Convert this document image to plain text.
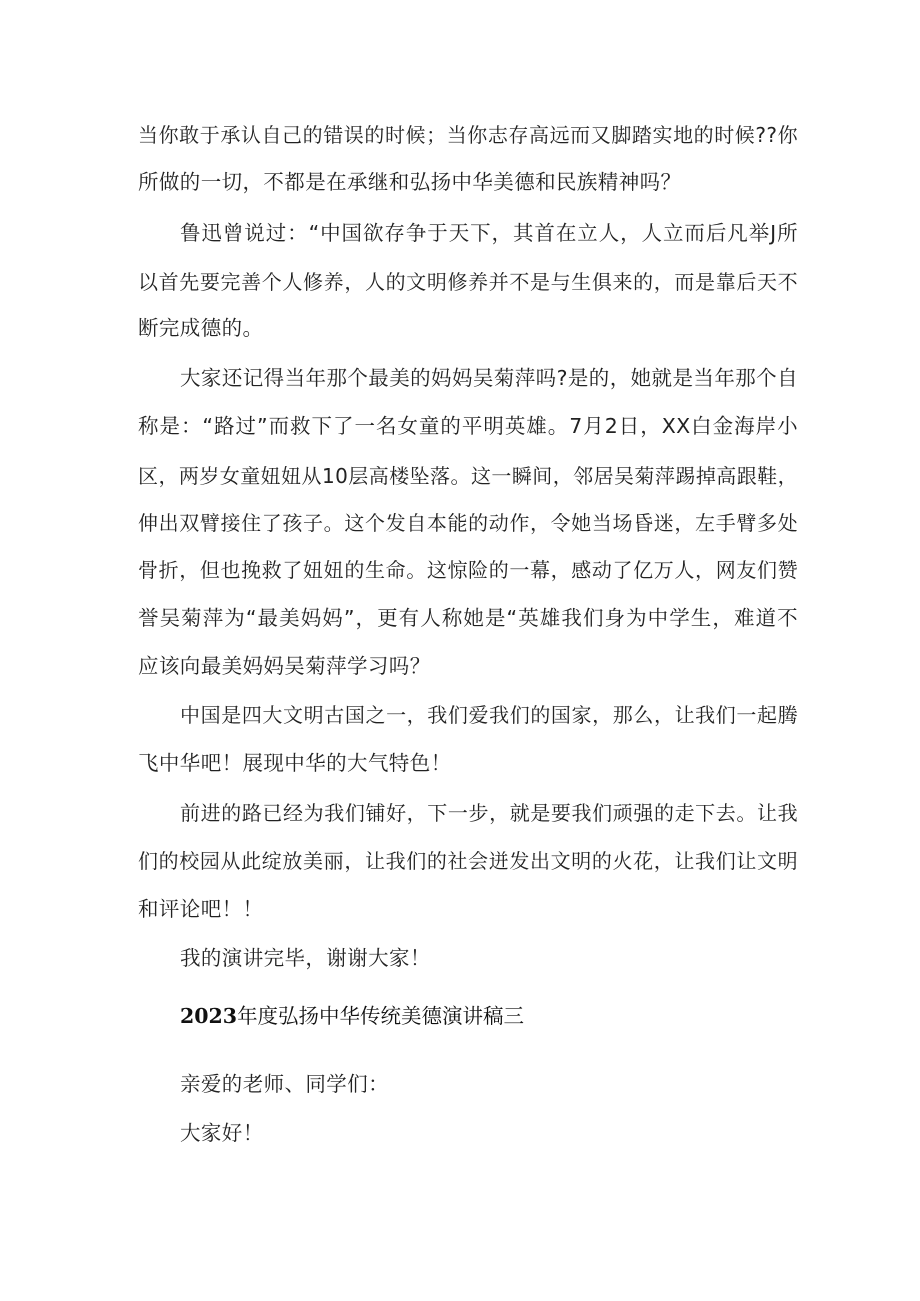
当你敢于承认自己的错误的时候；当你志存高远而又脚踏实地的时候??你
所做的一切，不都是在承继和弘扬中华美德和民族精神吗？
鲁迅曾说过：“中国欲存争于天下，其首在立人，人立而后凡举J所
以首先要完善个人修养，人的文明修养并不是与生俱来的，而是靠后天不
断完成德的。
大家还记得当年那个最美的妈妈吴菊萍吗?是的，她就是当年那个自
称是：“路过”而救下了一名女童的平明英雄。7月2日，XX白金海岸小
区，两岁女童妞妞从10层高楼坠落。这一瞬间，邻居吴菊萍踢掉高跟鞋，
伸出双臂接住了孩子。这个发自本能的动作，令她当场昏迷，左手臂多处
骨折，但也挽救了妞妞的生命。这惊险的一幕，感动了亿万人，网友们赞
誉吴菊萍为“最美妈妈”，更有人称她是“英雄我们身为中学生，难道不
应该向最美妈妈吴菊萍学习吗？
中国是四大文明古国之一，我们爱我们的国家，那么，让我们一起腾
飞中华吧！展现中华的大气特色！
前进的路已经为我们铺好，下一步，就是要我们顽强的走下去。让我
们的校园从此绽放美丽，让我们的社会迸发出文明的火花，让我们让文明
和评论吧！！
我的演讲完毕，谢谢大家！
2023年度弘扬中华传统美德演讲稿三
亲爱的老师、同学们：
大家好！
